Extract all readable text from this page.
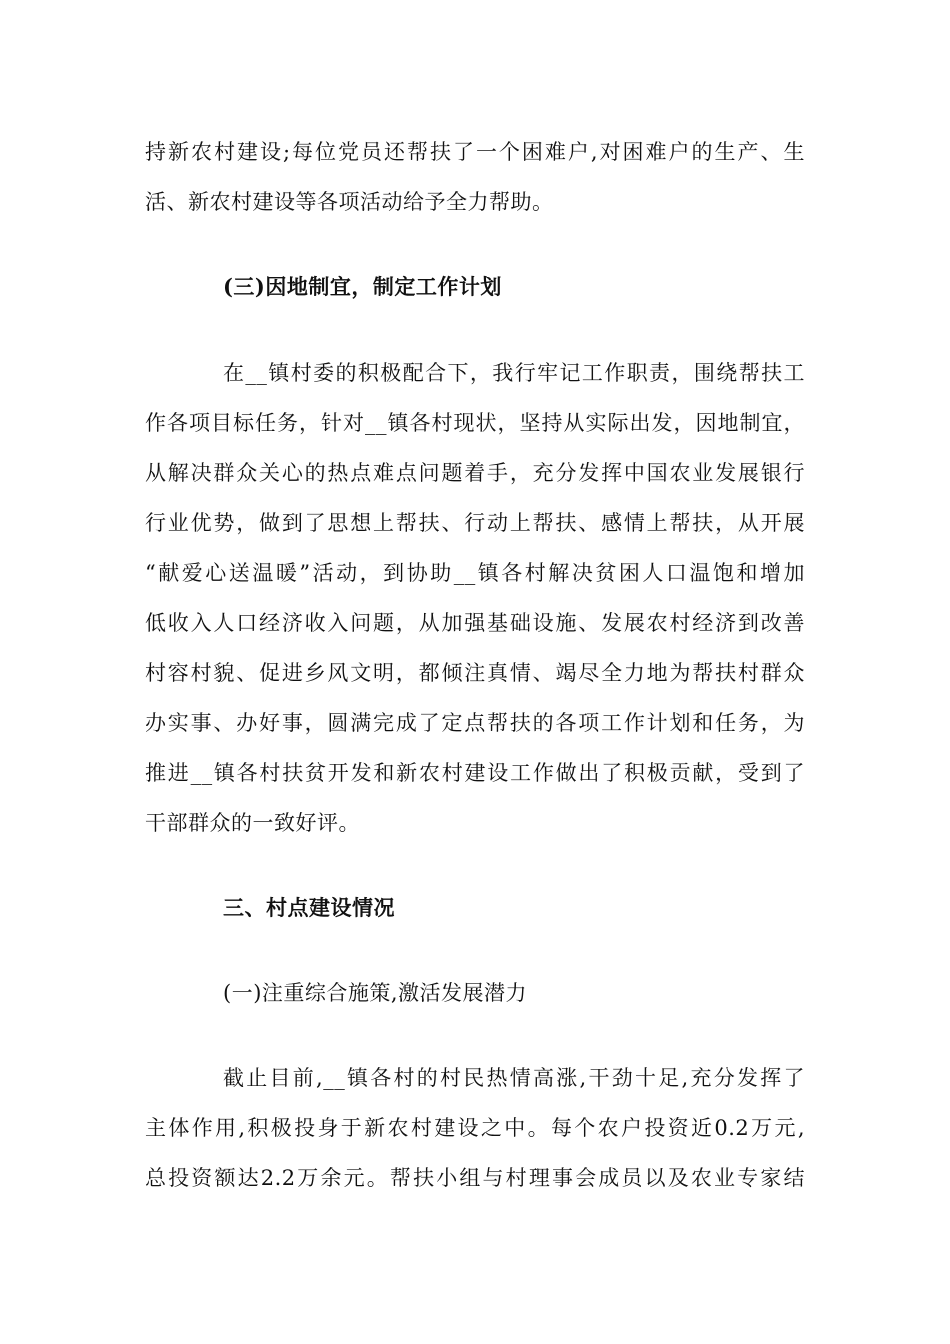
持新农村建设;每位党员还帮扶了一个困难户,对困难户的生产、生
活、新农村建设等各项活动给予全力帮助。
(三)因地制宜，制定工作计划
在__镇村委的积极配合下，我行牢记工作职责，围绕帮扶工
作各项目标任务，针对__镇各村现状，坚持从实际出发，因地制宜，
从解决群众关心的热点难点问题着手，充分发挥中国农业发展银行
行业优势，做到了思想上帮扶、行动上帮扶、感情上帮扶，从开展
“献爱心送温暖”活动，到协助__镇各村解决贫困人口温饱和增加
低收入人口经济收入问题，从加强基础设施、发展农村经济到改善
村容村貌、促进乡风文明，都倾注真情、竭尽全力地为帮扶村群众
办实事、办好事，圆满完成了定点帮扶的各项工作计划和任务，为
推进__镇各村扶贫开发和新农村建设工作做出了积极贡献，受到了
干部群众的一致好评。
三、村点建设情况
(一)注重综合施策,激活发展潜力
截止目前,__镇各村的村民热情高涨,干劲十足,充分发挥了
主体作用,积极投身于新农村建设之中。每个农户投资近0.2万元,
总投资额达2.2万余元。帮扶小组与村理事会成员以及农业专家结
